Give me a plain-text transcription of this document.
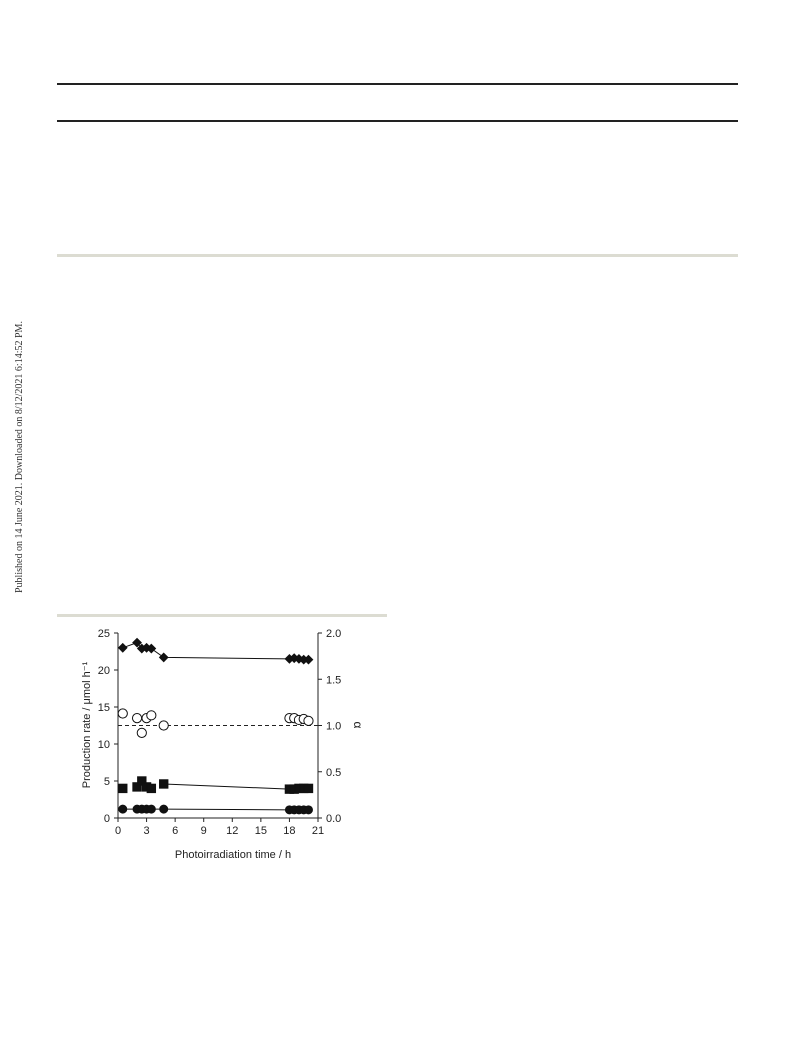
Published on 14 June 2021. Downloaded on 8/12/2021 6:14:52 PM.
0 3 6 9 12 15 18 21
0
5
10
15
20
25
0.0
0.5
1.0
1.5
2.0
Photoirradiation time / h
Production rate / μmol h⁻¹	α
